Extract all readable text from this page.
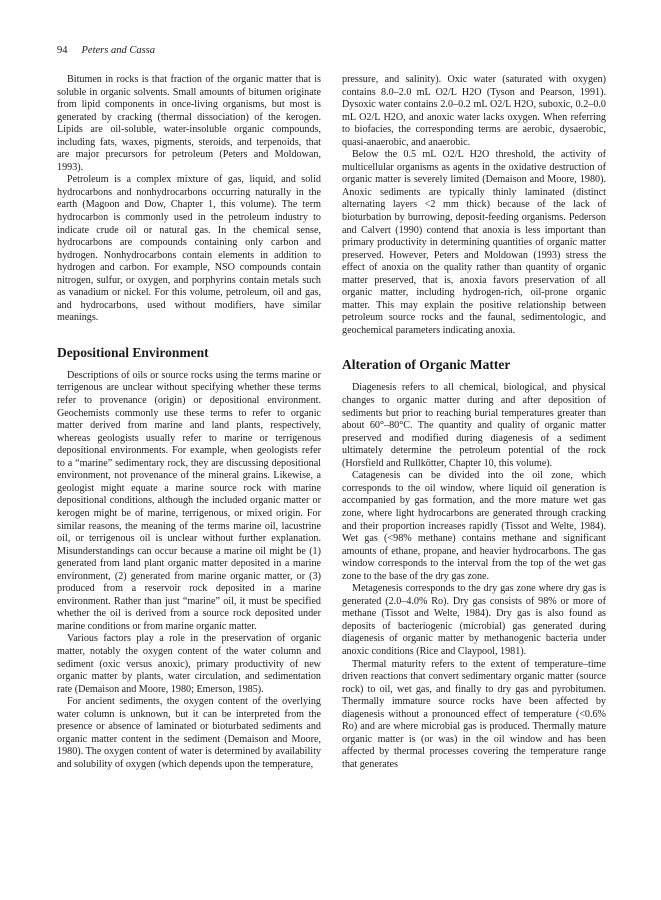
94 Peters and Cassa

Bitumen in rocks is that fraction of the organic matter that is soluble in organic solvents. Small amounts of bitumen originate from lipid components in once-living organisms, but most is generated by cracking (thermal dissociation) of the kerogen. Lipids are oil-soluble, water-insoluble organic compounds, including fats, waxes, pigments, steroids, and terpenoids, that are major precursors for petroleum (Peters and Moldowan, 1993).

Petroleum is a complex mixture of gas, liquid, and solid hydrocarbons and nonhydrocarbons occurring naturally in the earth (Magoon and Dow, Chapter 1, this volume). The term hydrocarbon is commonly used in the petroleum industry to indicate crude oil or natural gas. In the chemical sense, hydrocarbons are compounds containing only carbon and hydrogen. Nonhydrocarbons contain elements in addition to hydrogen and carbon. For example, NSO compounds contain nitrogen, sulfur, or oxygen, and porphyrins contain metals such as vanadium or nickel. For this volume, petroleum, oil and gas, and hydrocarbons, used without modifiers, have similar meanings.

Depositional Environment

Descriptions of oils or source rocks using the terms marine or terrigenous are unclear without specifying whether these terms refer to provenance (origin) or depositional environment. Geochemists commonly use these terms to refer to organic matter derived from marine and land plants, respectively, whereas geologists usually refer to marine or terrigenous depositional environments. For example, when geologists refer to a “marine” sedimentary rock, they are discussing depositional environment, not provenance of the mineral grains. Likewise, a geologist might equate a marine source rock with marine depositional conditions, although the included organic matter or kerogen might be of marine, terrigenous, or mixed origin. For similar reasons, the meaning of the terms marine oil, lacustrine oil, or terrigenous oil is unclear without further explanation. Misunderstandings can occur because a marine oil might be (1) generated from land plant organic matter deposited in a marine environment, (2) generated from marine organic matter, or (3) produced from a reservoir rock deposited in a marine environment. Rather than just “marine” oil, it must be specified whether the oil is derived from a source rock deposited under marine conditions or from marine organic matter.

Various factors play a role in the preservation of organic matter, notably the oxygen content of the water column and sediment (oxic versus anoxic), primary productivity of new organic matter by plants, water circulation, and sedimentation rate (Demaison and Moore, 1980; Emerson, 1985).

For ancient sediments, the oxygen content of the overlying water column is unknown, but it can be interpreted from the presence or absence of laminated or bioturbated sediments and organic matter content in the sediment (Demaison and Moore, 1980). The oxygen content of water is determined by availability and solubility of oxygen (which depends upon the temperature,

pressure, and salinity). Oxic water (saturated with oxygen) contains 8.0–2.0 mL O2/L H2O (Tyson and Pearson, 1991). Dysoxic water contains 2.0–0.2 mL O2/L H2O, suboxic, 0.2–0.0 mL O2/L H2O, and anoxic water lacks oxygen. When referring to biofacies, the corresponding terms are aerobic, dysaerobic, quasi-anaerobic, and anaerobic.

Below the 0.5 mL O2/L H2O threshold, the activity of multicellular organisms as agents in the oxidative destruction of organic matter is severely limited (Demaison and Moore, 1980). Anoxic sediments are typically thinly laminated (distinct alternating layers <2 mm thick) because of the lack of bioturbation by burrowing, deposit-feeding organisms. Pederson and Calvert (1990) contend that anoxia is less important than primary productivity in determining quantities of organic matter preserved. However, Peters and Moldowan (1993) stress the effect of anoxia on the quality rather than quantity of organic matter preserved, that is, anoxia favors preservation of all organic matter, including hydrogen-rich, oil-prone organic matter. This may explain the positive relationship between petroleum source rocks and the faunal, sedimentologic, and geochemical parameters indicating anoxia.

Alteration of Organic Matter

Diagenesis refers to all chemical, biological, and physical changes to organic matter during and after deposition of sediments but prior to reaching burial temperatures greater than about 60°–80°C. The quantity and quality of organic matter preserved and modified during diagenesis of a sediment ultimately determine the petroleum potential of the rock (Horsfield and Rullkötter, Chapter 10, this volume).

Catagenesis can be divided into the oil zone, which corresponds to the oil window, where liquid oil generation is accompanied by gas formation, and the more mature wet gas zone, where light hydrocarbons are generated through cracking and their proportion increases rapidly (Tissot and Welte, 1984). Wet gas (<98% methane) contains methane and significant amounts of ethane, propane, and heavier hydrocarbons. The gas window corresponds to the interval from the top of the wet gas zone to the base of the dry gas zone.

Metagenesis corresponds to the dry gas zone where dry gas is generated (2.0–4.0% Ro). Dry gas consists of 98% or more of methane (Tissot and Welte, 1984). Dry gas is also found as deposits of bacteriogenic (microbial) gas generated during diagenesis of organic matter by methanogenic bacteria under anoxic conditions (Rice and Claypool, 1981).

Thermal maturity refers to the extent of temperature–time driven reactions that convert sedimentary organic matter (source rock) to oil, wet gas, and finally to dry gas and pyrobitumen. Thermally immature source rocks have been affected by diagenesis without a pronounced effect of temperature (<0.6% Ro) and are where microbial gas is produced. Thermally mature organic matter is (or was) in the oil window and has been affected by thermal processes covering the temperature range that generates
